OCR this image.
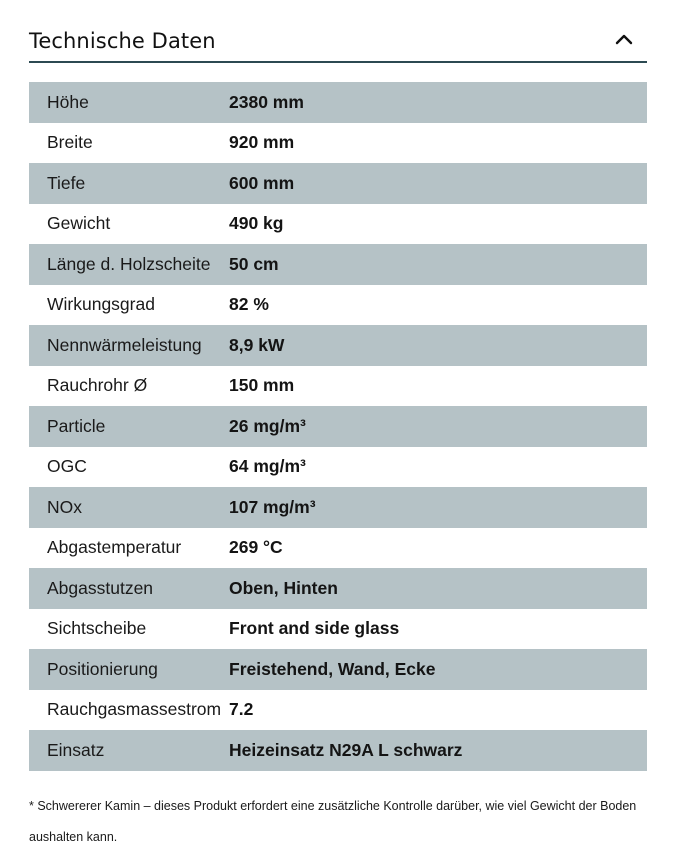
Technische Daten
Höhe	2380 mm
Breite	920 mm
Tiefe	600 mm
Gewicht	490 kg
Länge d. Holzscheite	50 cm
Wirkungsgrad	82 %
Nennwärmeleistung	8,9 kW
Rauchrohr Ø	150 mm
Particle	26 mg/m³
OGC	64 mg/m³
NOx	107 mg/m³
Abgastemperatur	269 °C
Abgasstutzen	Oben, Hinten
Sichtscheibe	Front and side glass
Positionierung	Freistehend, Wand, Ecke
Rauchgasmassestrom	7.2
Einsatz	Heizeinsatz N29A L schwarz

* Schwererer Kamin – dieses Produkt erfordert eine zusätzliche Kontrolle darüber, wie viel Gewicht der Boden aushalten kann.
